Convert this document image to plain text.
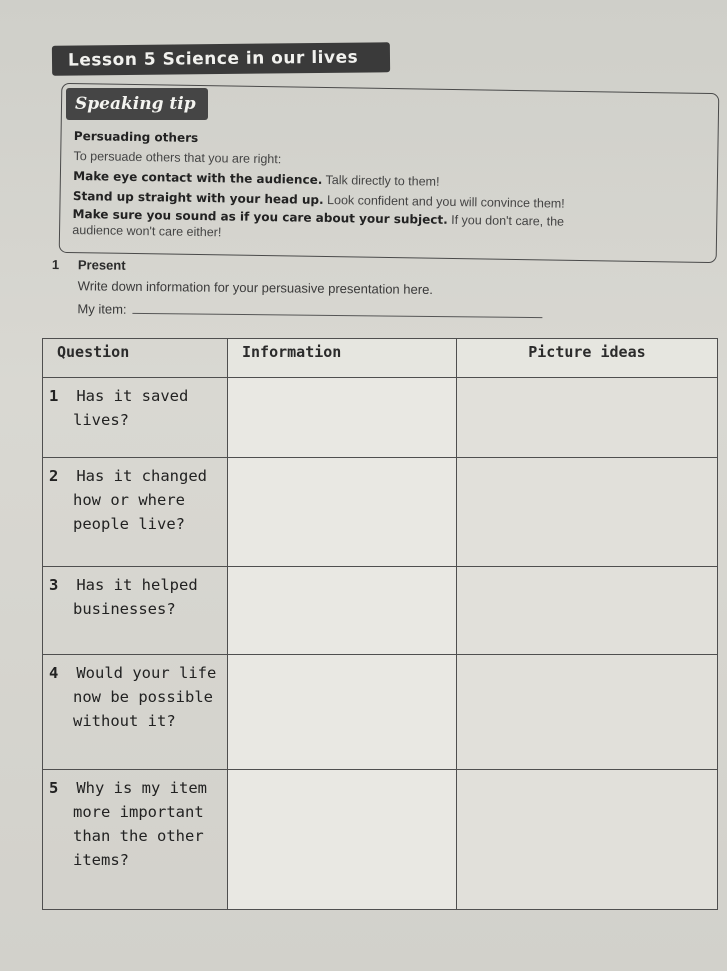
Lesson 5 Science in our lives
Speaking tip
Persuading others
To persuade others that you are right:
Make eye contact with the audience. Talk directly to them!
Stand up straight with your head up. Look confident and you will convince them!
Make sure you sound as if you care about your subject. If you don't care, the
audience won't care either!
1 Present
Write down information for your persuasive presentation here.
My item:
Question	Information	Picture ideas

1 Has it saved
lives?		

2 Has it changed
how or where
people live?		

3 Has it helped
businesses?		

4 Would your life
now be possible
without it?		

5 Why is my item
more important
than the other
items?		
